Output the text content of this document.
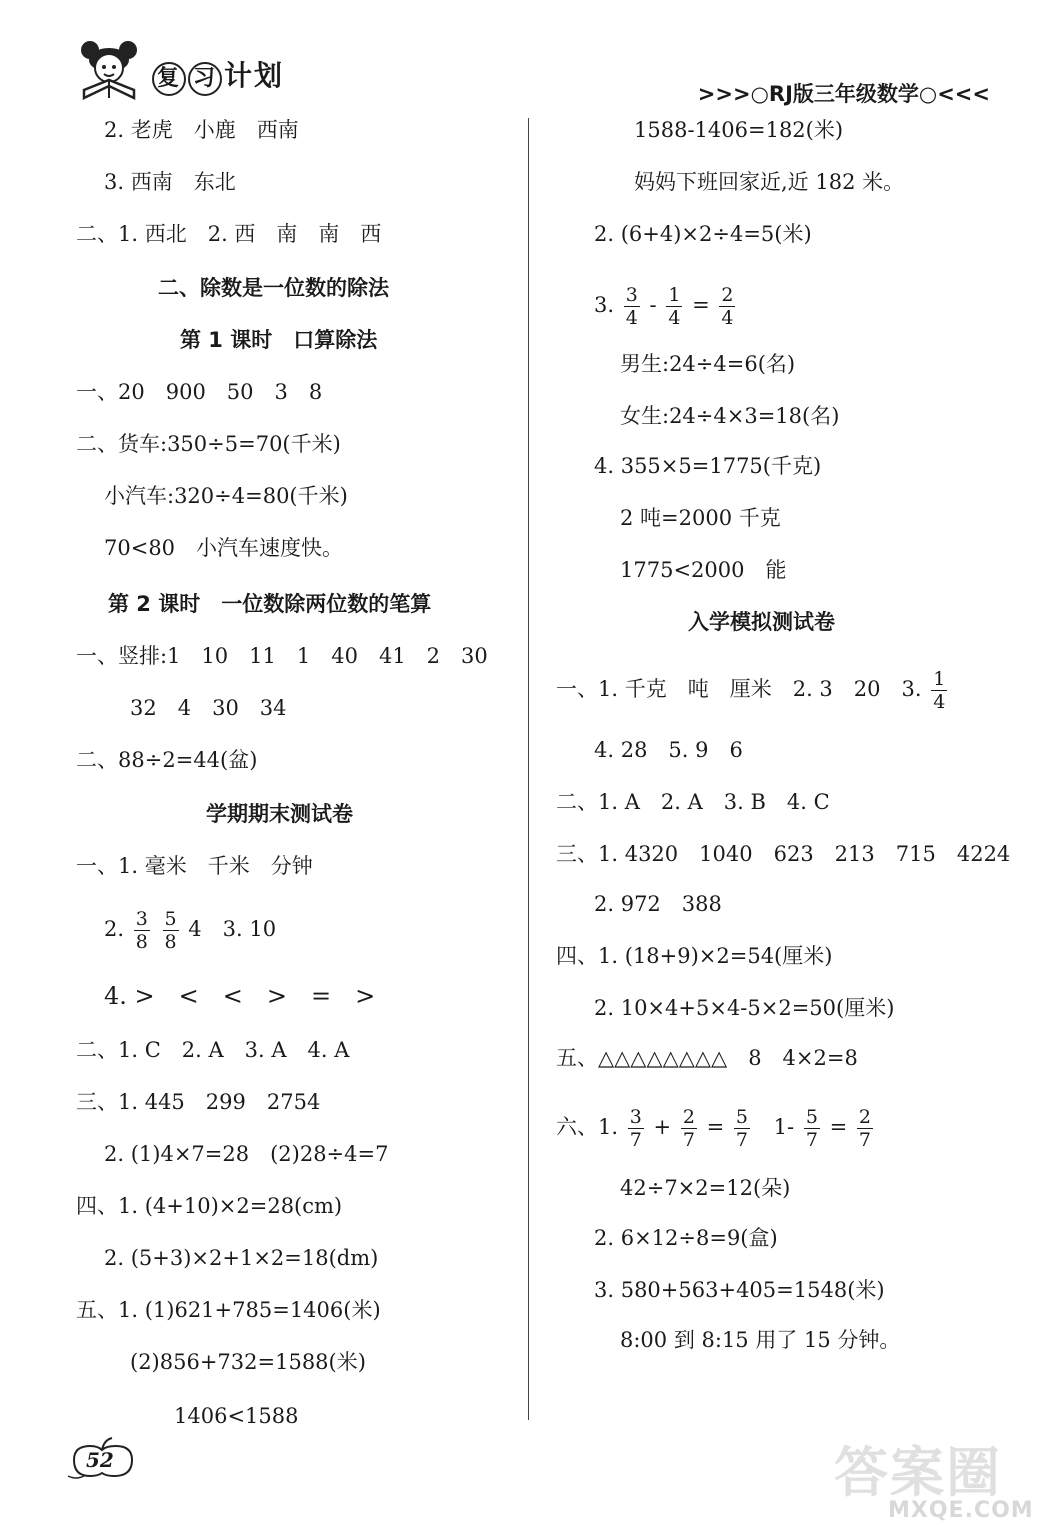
复 习 计划
>>>○RJ版三年级数学○<<<
2. 老虎　小鹿　西南
3. 西南　东北
二、1. 西北　2. 西　南　南　西
二、除数是一位数的除法
第 1 课时　口算除法
一、20　900　50　3　8
二、货车:350÷5=70(千米)
小汽车:320÷4=80(千米)
70<80　小汽车速度快。
第 2 课时　一位数除两位数的笔算
一、竖排:1　10　11　1　40　41　2　30
32　4　30　34
二、88÷2=44(盆)
学期期末测试卷
一、1. 毫米　千米　分钟
2. $\frac{3}{8}$
$\frac{5}{8} 4$　3. 10
4. >　<　<　>　=　>
二、1. C　2. A　3. A　4. A
三、1. 445　299　2754
2. (1)4×7=28　(2)28÷4=7
四、1. (4+10)×2=28(cm)
2. (5+3)×2+1×2=18(dm)
五、1. (1)621+785=1406(米)
(2)856+732=1588(米)
1406<1588
1588-1406=182(米)
妈妈下班回家近,近 182 米。
2. (6+4)×2÷4=5(米)
3. $\frac{3}{4} - \frac{1}{4} = \frac{2}{4}$
男生:24÷4=6(名)
女生:24÷4×3=18(名)
4. 355×5=1775(千克)
2 吨=2000 千克
1775<2000　能
入学模拟测试卷
一、1. 千克　吨　厘米　2. 3　20　3. $\frac{1}{4}$
4. 28　5. 9　6
二、1. A　2. A　3. B　4. C
三、1. 4320　1040　623　213　715　4224
2. 972　388
四、1. (18+9)×2=54(厘米)
2. 10×4+5×4-5×2=50(厘米)
五、△△△△△△△△　8　4×2=8
六、1. $\frac{3}{7} + \frac{2}{7} = \frac{5}{7} 1- \frac{5}{7} = \frac{2}{7}$
42÷7×2=12(朵)
2. 6×12÷8=9(盒)
3. 580+563+405=1548(米)
8:00 到 8:15 用了 15 分钟。
52	答案圈
MXQE.COM
